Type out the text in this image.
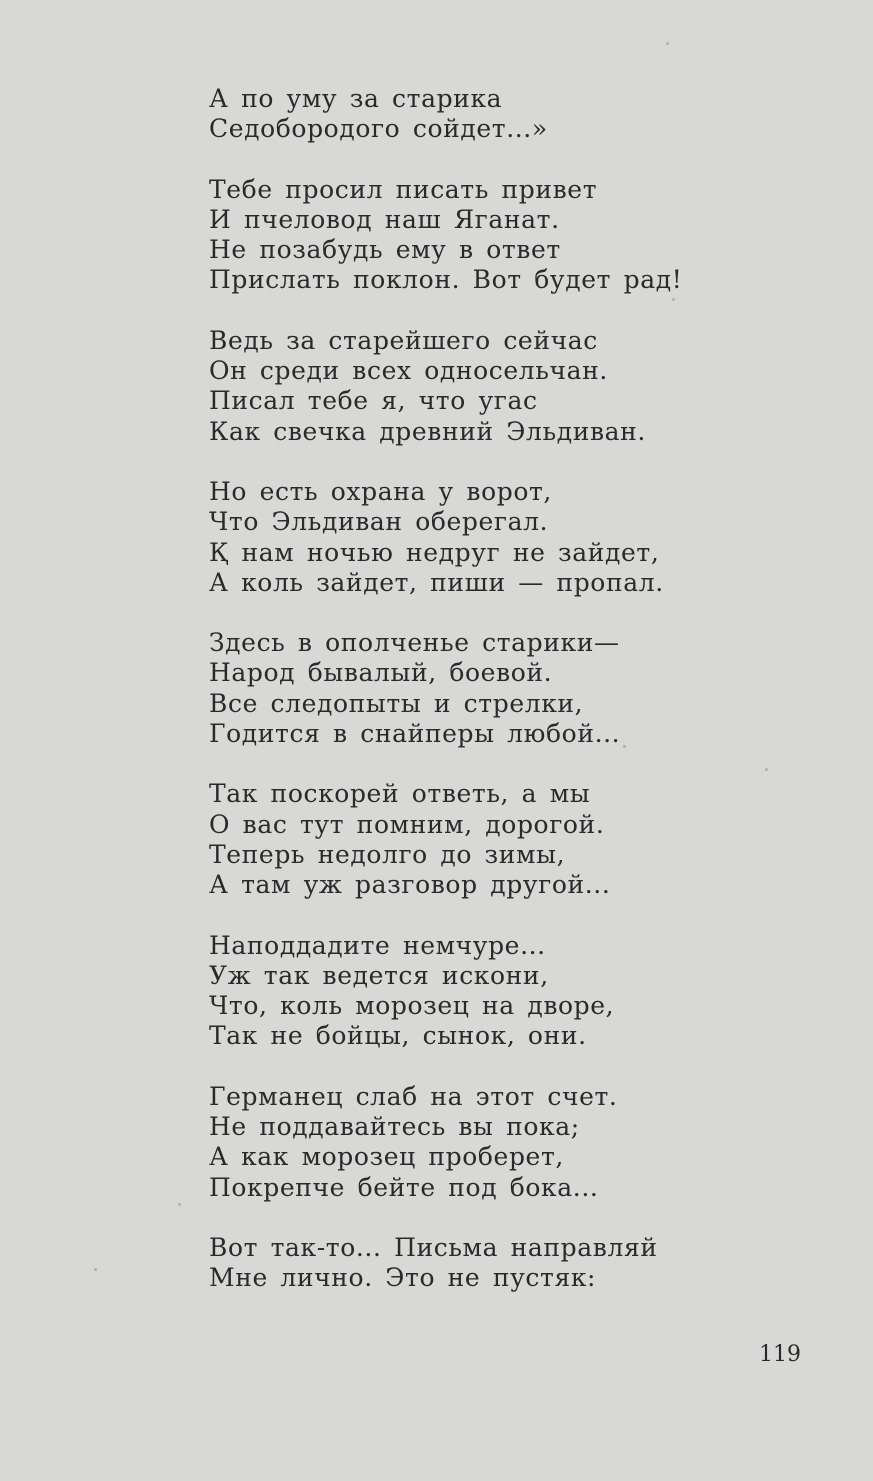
А по уму за старика
Седобородого сойдет...»
Тебе просил писать привет
И пчеловод наш Яганат.
Не позабудь ему в ответ
Прислать поклон. Вот будет рад!
Ведь за старейшего сейчас
Он среди всех односельчан.
Писал тебе я, что угас
Как свечка древний Эльдиван.
Но есть охрана у ворот,
Что Эльдиван оберегал.
Қ нам ночью недруг не зайдет,
А коль зайдет, пиши — пропал.
Здесь в ополченье старики—
Народ бывалый, боевой.
Все следопыты и стрелки,
Годится в снайперы любой...
Так поскорей ответь, а мы
О вас тут помним, дорогой.
Теперь недолго до зимы,
А там уж разговор другой...
Наподдадите немчуре...
Уж так ведется искони,
Что, коль морозец на дворе,
Так не бойцы, сынок, они.
Германец слаб на этот счет.
Не поддавайтесь вы пока;
А как морозец проберет,
Покрепче бейте под бока...
Вот так-то... Письма направляй
Мне лично. Это не пустяк:
119
